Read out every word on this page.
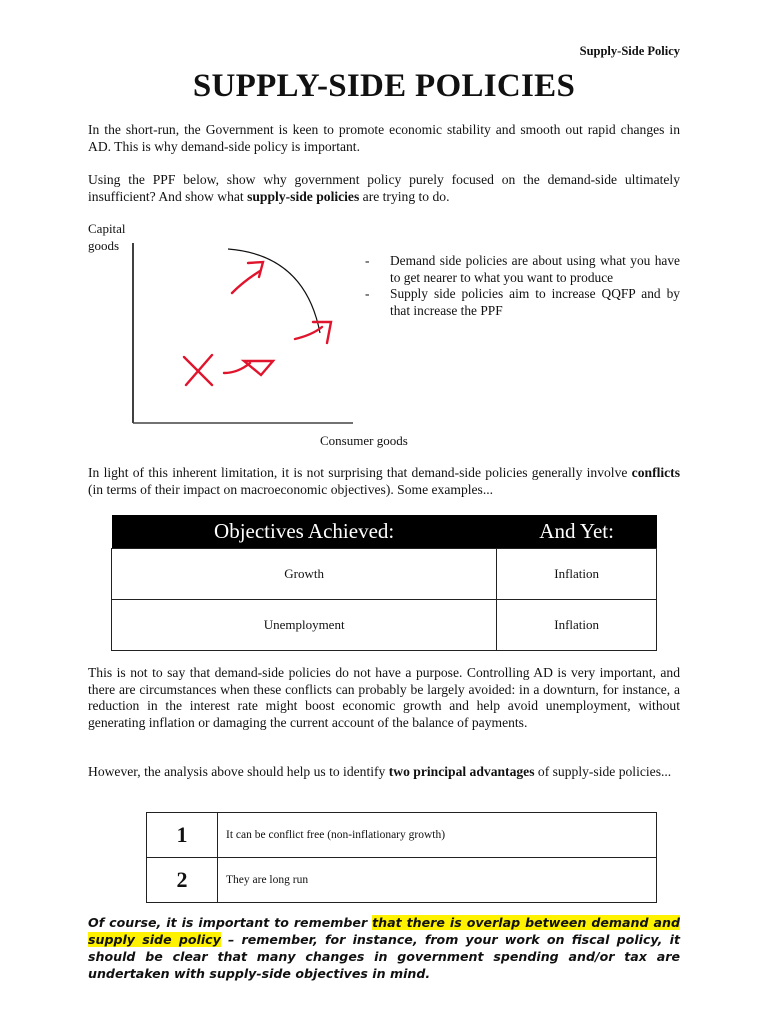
Supply-Side Policy
SUPPLY-SIDE POLICIES
In the short-run, the Government is keen to promote economic stability and smooth out rapid changes in AD. This is why demand-side policy is important.
Using the PPF below, show why government policy purely focused on the demand-side ultimately insufficient? And show what supply-side policies are trying to do.
Capital
goods
Consumer goods
-	Demand side policies are about using what you have to get nearer to what you want to produce
-	Supply side policies aim to increase QQFP and by that increase the PPF
In light of this inherent limitation, it is not surprising that demand-side policies generally involve conflicts (in terms of their impact on macroeconomic objectives). Some examples...
Objectives Achieved:	And Yet:
Growth	Inflation
Unemployment	Inflation
This is not to say that demand-side policies do not have a purpose. Controlling AD is very important, and there are circumstances when these conflicts can probably be largely avoided: in a downturn, for instance, a reduction in the interest rate might boost economic growth and help avoid unemployment, without generating inflation or damaging the current account of the balance of payments.
However, the analysis above should help us to identify two principal advantages of supply-side policies...
1	It can be conflict free (non-inflationary growth)
2	They are long run
Of course, it is important to remember that there is overlap between demand and supply side policy – remember, for instance, from your work on fiscal policy, it should be clear that many changes in government spending and/or tax are undertaken with supply-side objectives in mind.
